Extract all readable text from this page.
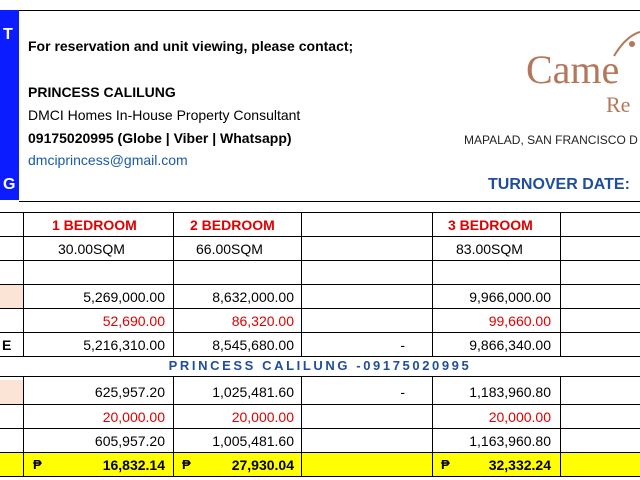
T
G
For reservation and unit viewing, please contact;
PRINCESS CALILUNG
DMCI Homes In-House Property Consultant
09175020995 (Globe | Viber | Whatsapp)
dmciprincess@gmail.com
Came
Re
MAPALAD, SAN FRANCISCO D
TURNOVER DATE:
1 BEDROOM	2 BEDROOM	3 BEDROOM
30.00SQM	66.00SQM	83.00SQM
5,269,000.00	8,632,000.00	9,966,000.00
52,690.00	86,320.00	99,660.00
E	5,216,310.00	8,545,680.00	-	9,866,340.00
PRINCESS CALILUNG -09175020995
625,957.20	1,025,481.60	-	1,183,960.80
20,000.00	20,000.00	20,000.00
605,957.20	1,005,481.60	1,163,960.80
₱	16,832.14 ₱	27,930.04	₱	32,332.24
